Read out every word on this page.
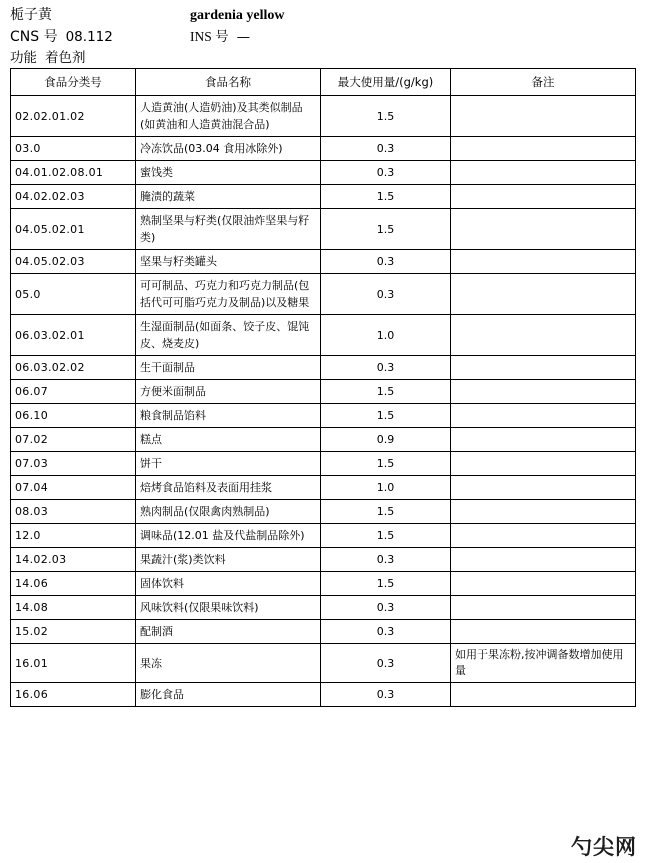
栀子黄	gardenia yellow
CNS 号 08.112	INS 号 —
功能 着色剂
食品分类号	食品名称	最大使用量/(g/kg)	备注
02.02.01.02	人造黄油(人造奶油)及其类似制品(如黄油和人造黄油混合品)	1.5	
03.0	冷冻饮品(03.04 食用冰除外)	0.3	
04.01.02.08.01	蜜饯类	0.3	
04.02.02.03	腌渍的蔬菜	1.5	
04.05.02.01	熟制坚果与籽类(仅限油炸坚果与籽类)	1.5	
04.05.02.03	坚果与籽类罐头	0.3	
05.0	可可制品、巧克力和巧克力制品(包括代可可脂巧克力及制品)以及糖果	0.3	
06.03.02.01	生湿面制品(如面条、饺子皮、馄饨皮、烧麦皮)	1.0	
06.03.02.02	生干面制品	0.3	
06.07	方便米面制品	1.5	
06.10	粮食制品馅料	1.5	
07.02	糕点	0.9	
07.03	饼干	1.5	
07.04	焙烤食品馅料及表面用挂浆	1.0	
08.03	熟肉制品(仅限禽肉熟制品)	1.5	
12.0	调味品(12.01 盐及代盐制品除外)	1.5	
14.02.03	果蔬汁(浆)类饮料	0.3	
14.06	固体饮料	1.5	
14.08	风味饮料(仅限果味饮料)	0.3	
15.02	配制酒	0.3	
16.01	果冻	0.3	如用于果冻粉,按冲调备数增加使用量
16.06	膨化食品	0.3	
勺尖网
